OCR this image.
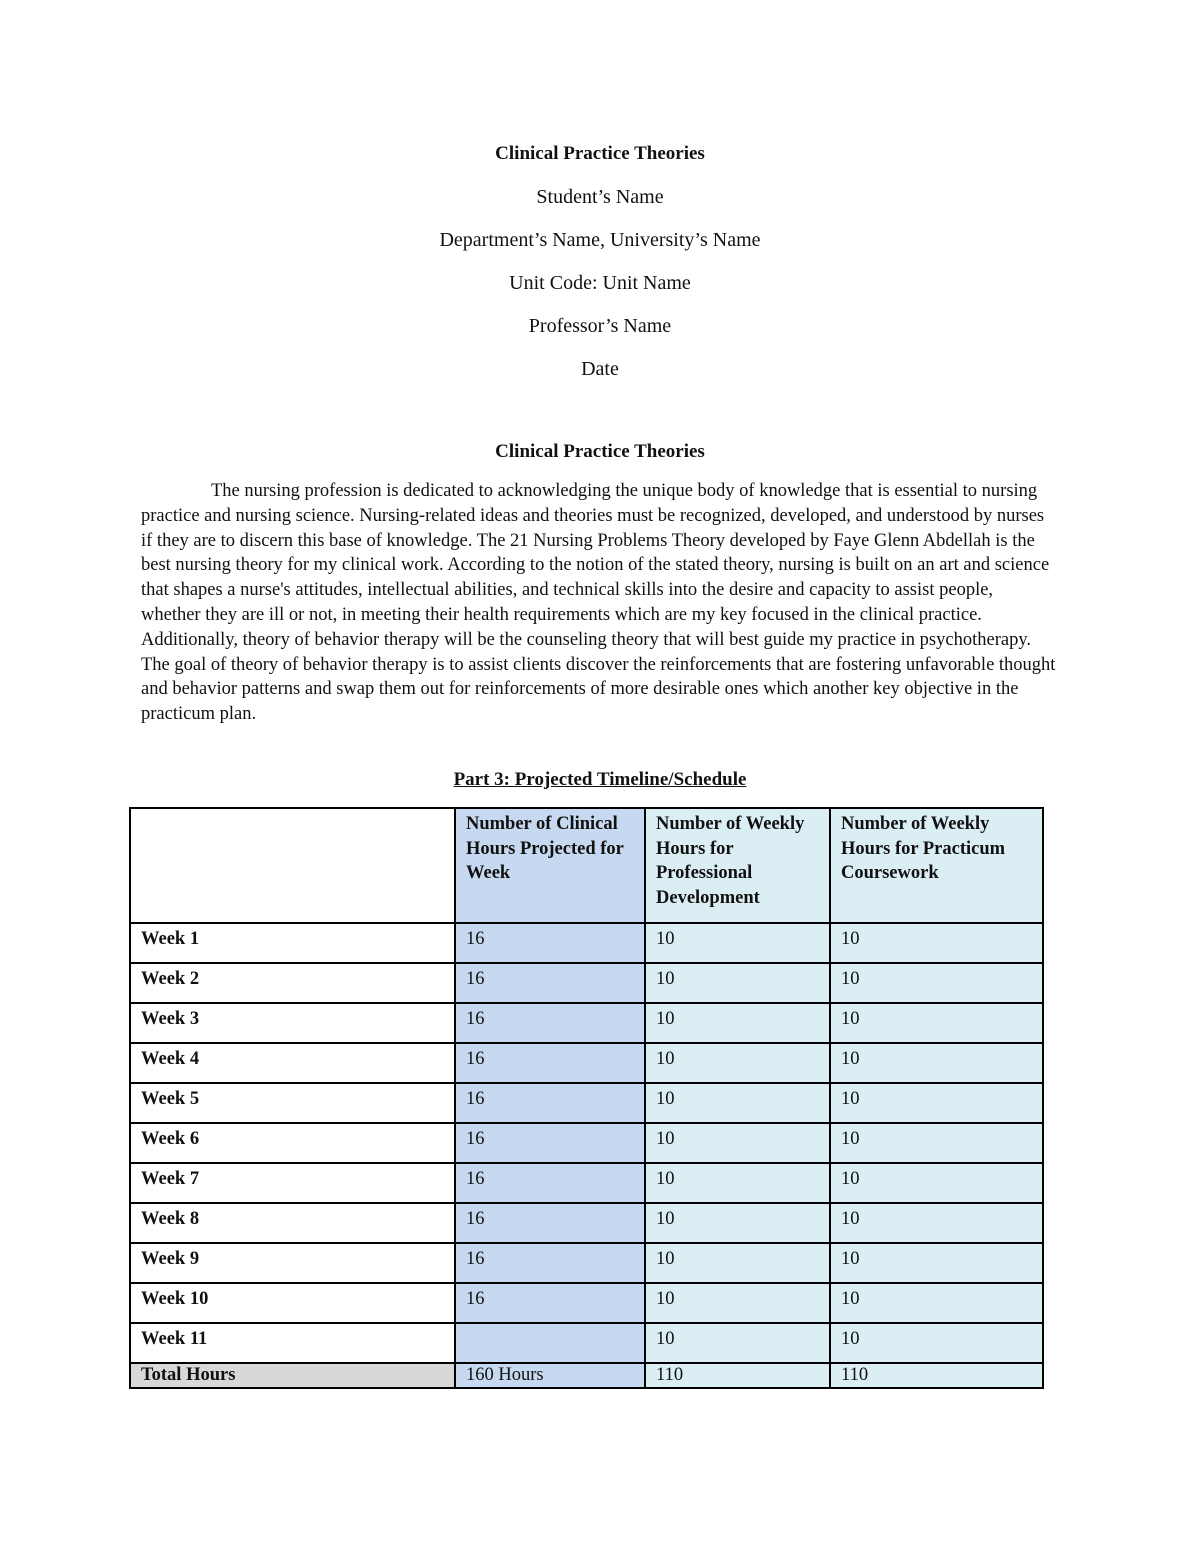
Clinical Practice Theories
Student’s Name
Department’s Name, University’s Name
Unit Code: Unit Name
Professor’s Name
Date
Clinical Practice Theories
The nursing profession is dedicated to acknowledging the unique body of knowledge that is essential to nursing practice and nursing science. Nursing-related ideas and theories must be recognized, developed, and understood by nurses if they are to discern this base of knowledge. The 21 Nursing Problems Theory developed by Faye Glenn Abdellah is the best nursing theory for my clinical work. According to the notion of the stated theory, nursing is built on an art and science that shapes a nurse's attitudes, intellectual abilities, and technical skills into the desire and capacity to assist people, whether they are ill or not, in meeting their health requirements which are my key focused in the clinical practice. Additionally, theory of behavior therapy will be the counseling theory that will best guide my practice in psychotherapy. The goal of theory of behavior therapy is to assist clients discover the reinforcements that are fostering unfavorable thought and behavior patterns and swap them out for reinforcements of more desirable ones which another key objective in the practicum plan.
Part 3: Projected Timeline/Schedule
	Number of Clinical Hours Projected for Week	Number of Weekly Hours for Professional Development	Number of Weekly Hours for Practicum Coursework
Week 1	16	10	10
Week 2	16	10	10
Week 3	16	10	10
Week 4	16	10	10
Week 5	16	10	10
Week 6	16	10	10
Week 7	16	10	10
Week 8	16	10	10
Week 9	16	10	10
Week 10	16	10	10
Week 11		10	10
Total Hours	160 Hours	110	110
